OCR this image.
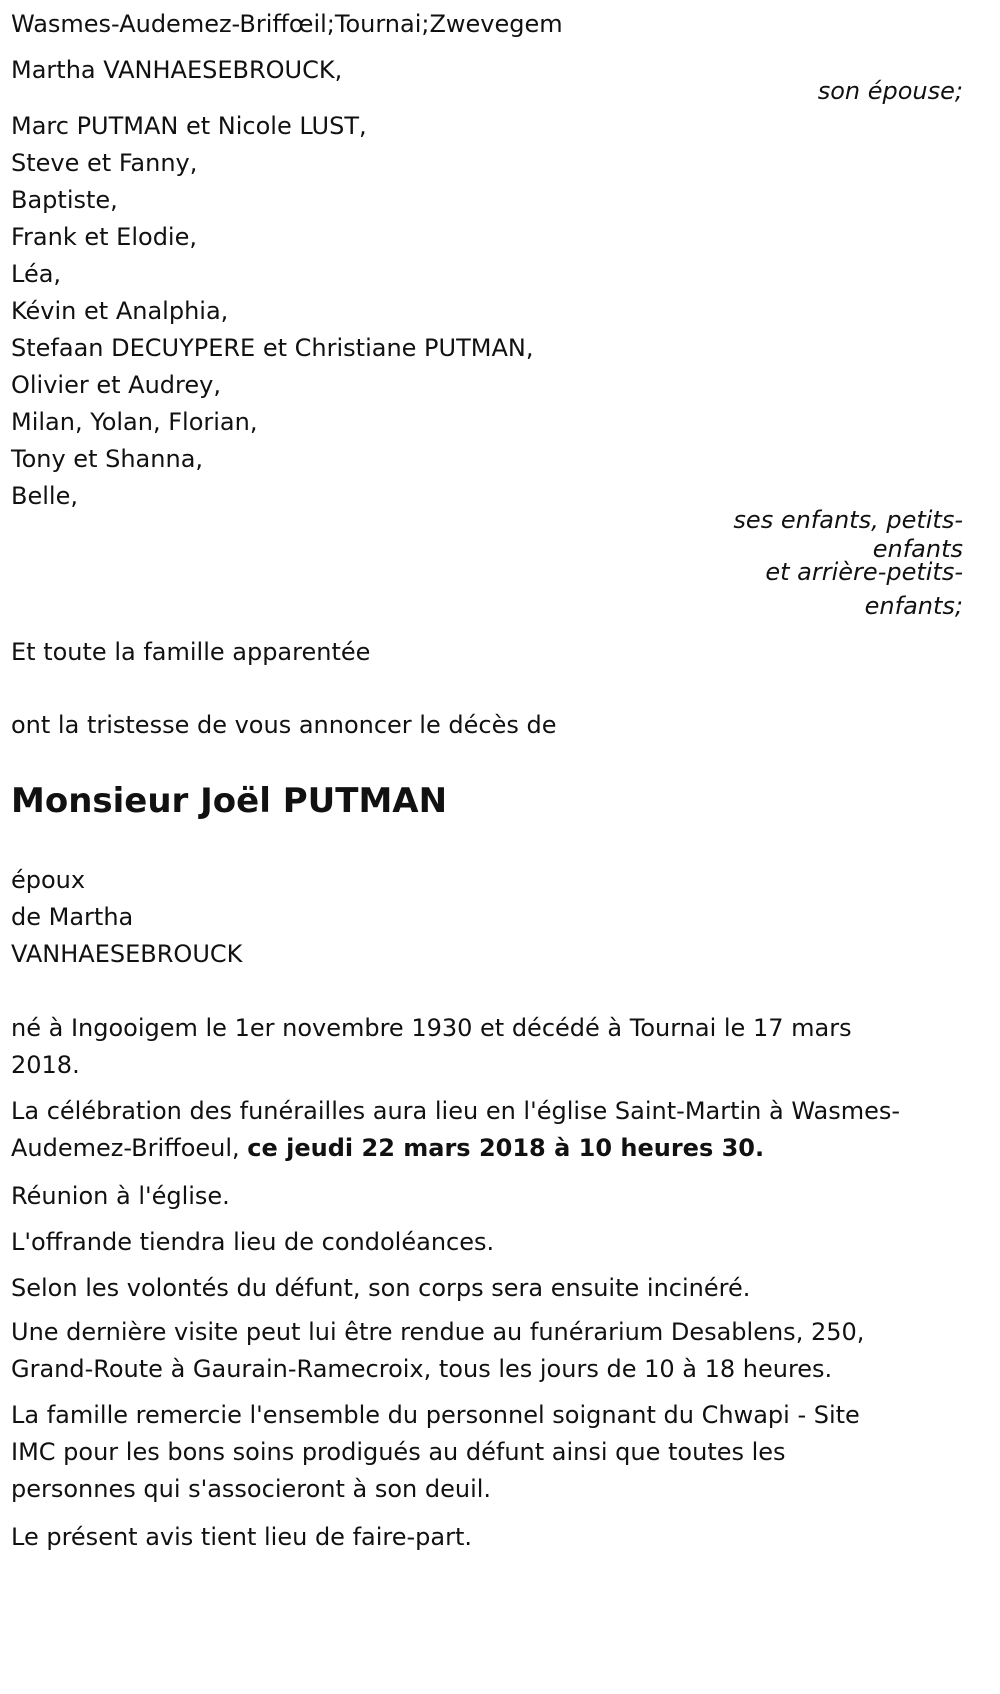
Wasmes-Audemez-Briffœil;Tournai;Zwevegem
Martha VANHAESEBROUCK,
son épouse;
Marc PUTMAN et Nicole LUST,
Steve et Fanny,
Baptiste,
Frank et Elodie,
Léa,
Kévin et Analphia,
Stefaan DECUYPERE et Christiane PUTMAN,
Olivier et Audrey,
Milan, Yolan, Florian,
Tony et Shanna,
Belle,
ses enfants, petits-
enfants
et arrière-petits-
enfants;
Et toute la famille apparentée
ont la tristesse de vous annoncer le décès de
Monsieur Joël PUTMAN
époux
de Martha
VANHAESEBROUCK
né à Ingooigem le 1er novembre 1930 et décédé à Tournai le 17 mars 2018.
La célébration des funérailles aura lieu en l'église Saint-Martin à Wasmes-Audemez-Briffoeul, ce jeudi 22 mars 2018 à 10 heures 30.
Réunion à l'église.
L'offrande tiendra lieu de condoléances.
Selon les volontés du défunt, son corps sera ensuite incinéré.
Une dernière visite peut lui être rendue au funérarium Desablens, 250, Grand-Route à Gaurain-Ramecroix, tous les jours de 10 à 18 heures.
La famille remercie l'ensemble du personnel soignant du Chwapi - Site IMC pour les bons soins prodigués au défunt ainsi que toutes les personnes qui s'associeront à son deuil.
Le présent avis tient lieu de faire-part.
